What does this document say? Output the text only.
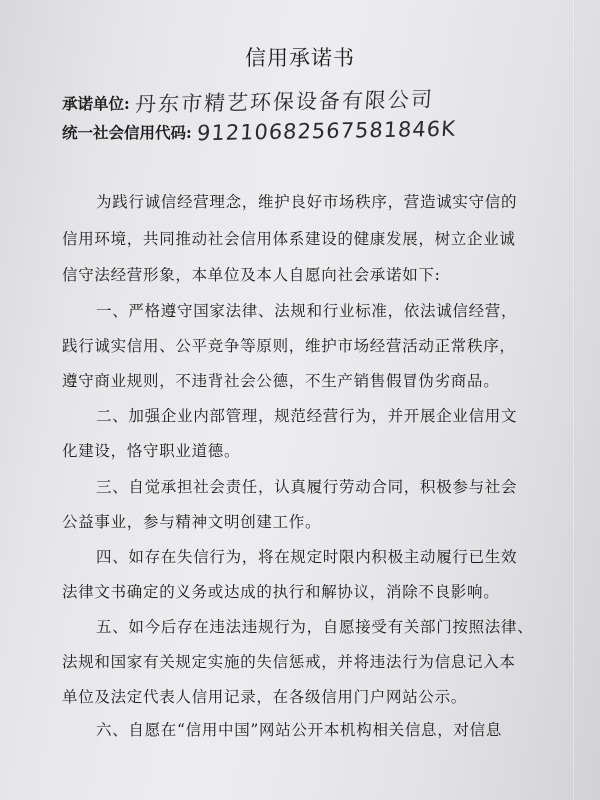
信用承诺书
承诺单位: 丹东市精艺环保设备有限公司
统一社会信用代码: 91210682567581846K
为践行诚信经营理念，维护良好市场秩序，营造诚实守信的
信用环境，共同推动社会信用体系建设的健康发展，树立企业诚
信守法经营形象，本单位及本人自愿向社会承诺如下:
一、严格遵守国家法律、法规和行业标准，依法诚信经营，
践行诚实信用、公平竞争等原则，维护市场经营活动正常秩序，
遵守商业规则，不违背社会公德，不生产销售假冒伪劣商品。
二、加强企业内部管理，规范经营行为，并开展企业信用文
化建设，恪守职业道德。
三、自觉承担社会责任，认真履行劳动合同，积极参与社会
公益事业，参与精神文明创建工作。
四、如存在失信行为，将在规定时限内积极主动履行已生效
法律文书确定的义务或达成的执行和解协议，消除不良影响。
五、如今后存在违法违规行为，自愿接受有关部门按照法律、
法规和国家有关规定实施的失信惩戒，并将违法行为信息记入本
单位及法定代表人信用记录，在各级信用门户网站公示。
六、自愿在“信用中国”网站公开本机构相关信息，对信息
